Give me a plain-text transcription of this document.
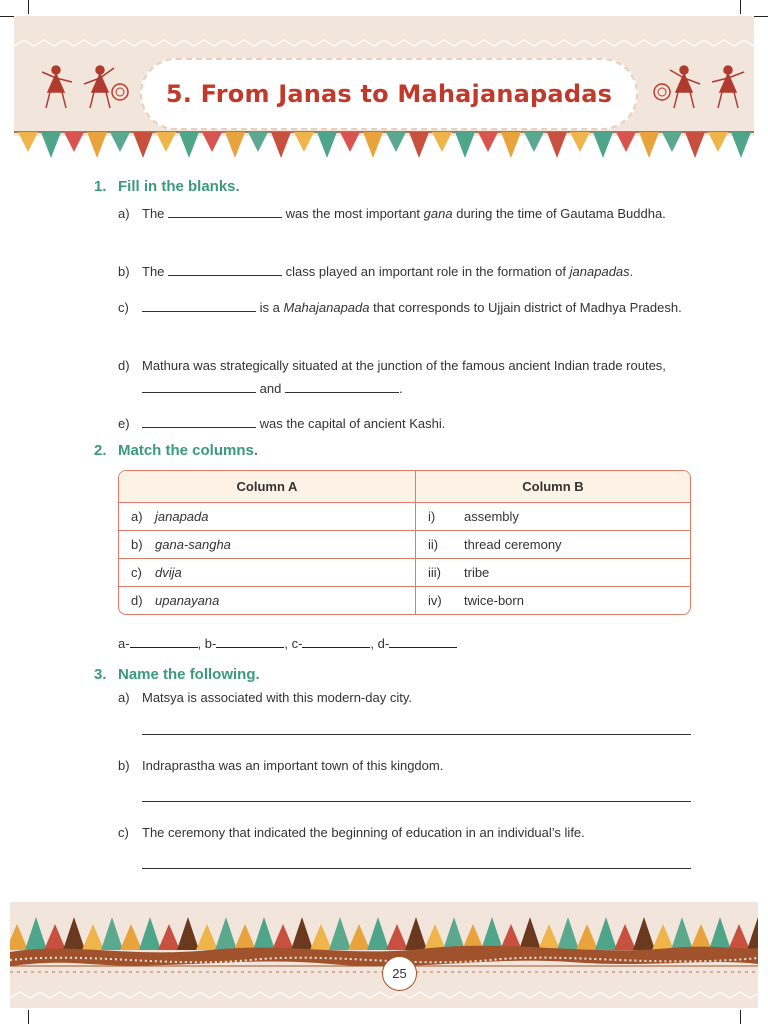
5. From Janas to Mahajanapadas
1. Fill in the blanks.
a) The	was the most important gana during the time of Gautama Buddha.
b) The	class played an important role in the formation of janapadas.
c)	is a Mahajanapada that corresponds to Ujjain district of Madhya Pradesh.
d) Mathura was strategically situated at the junction of the famous ancient Indian trade routes,  and	.
e)	was the capital of ancient Kashi.
2. Match the columns.
Column A	Column B
a) janapada	i)	assembly
b) gana-sangha	ii)	thread ceremony
c)	dvija	iii)	tribe
d) upanayana	iv)	twice-born
a-	, b-	, c-	, d-
3. Name the following.
a) Matsya is associated with this modern-day city.
b) Indraprastha was an important town of this kingdom.
c)	The ceremony that indicated the beginning of education in an individual’s life.
25
